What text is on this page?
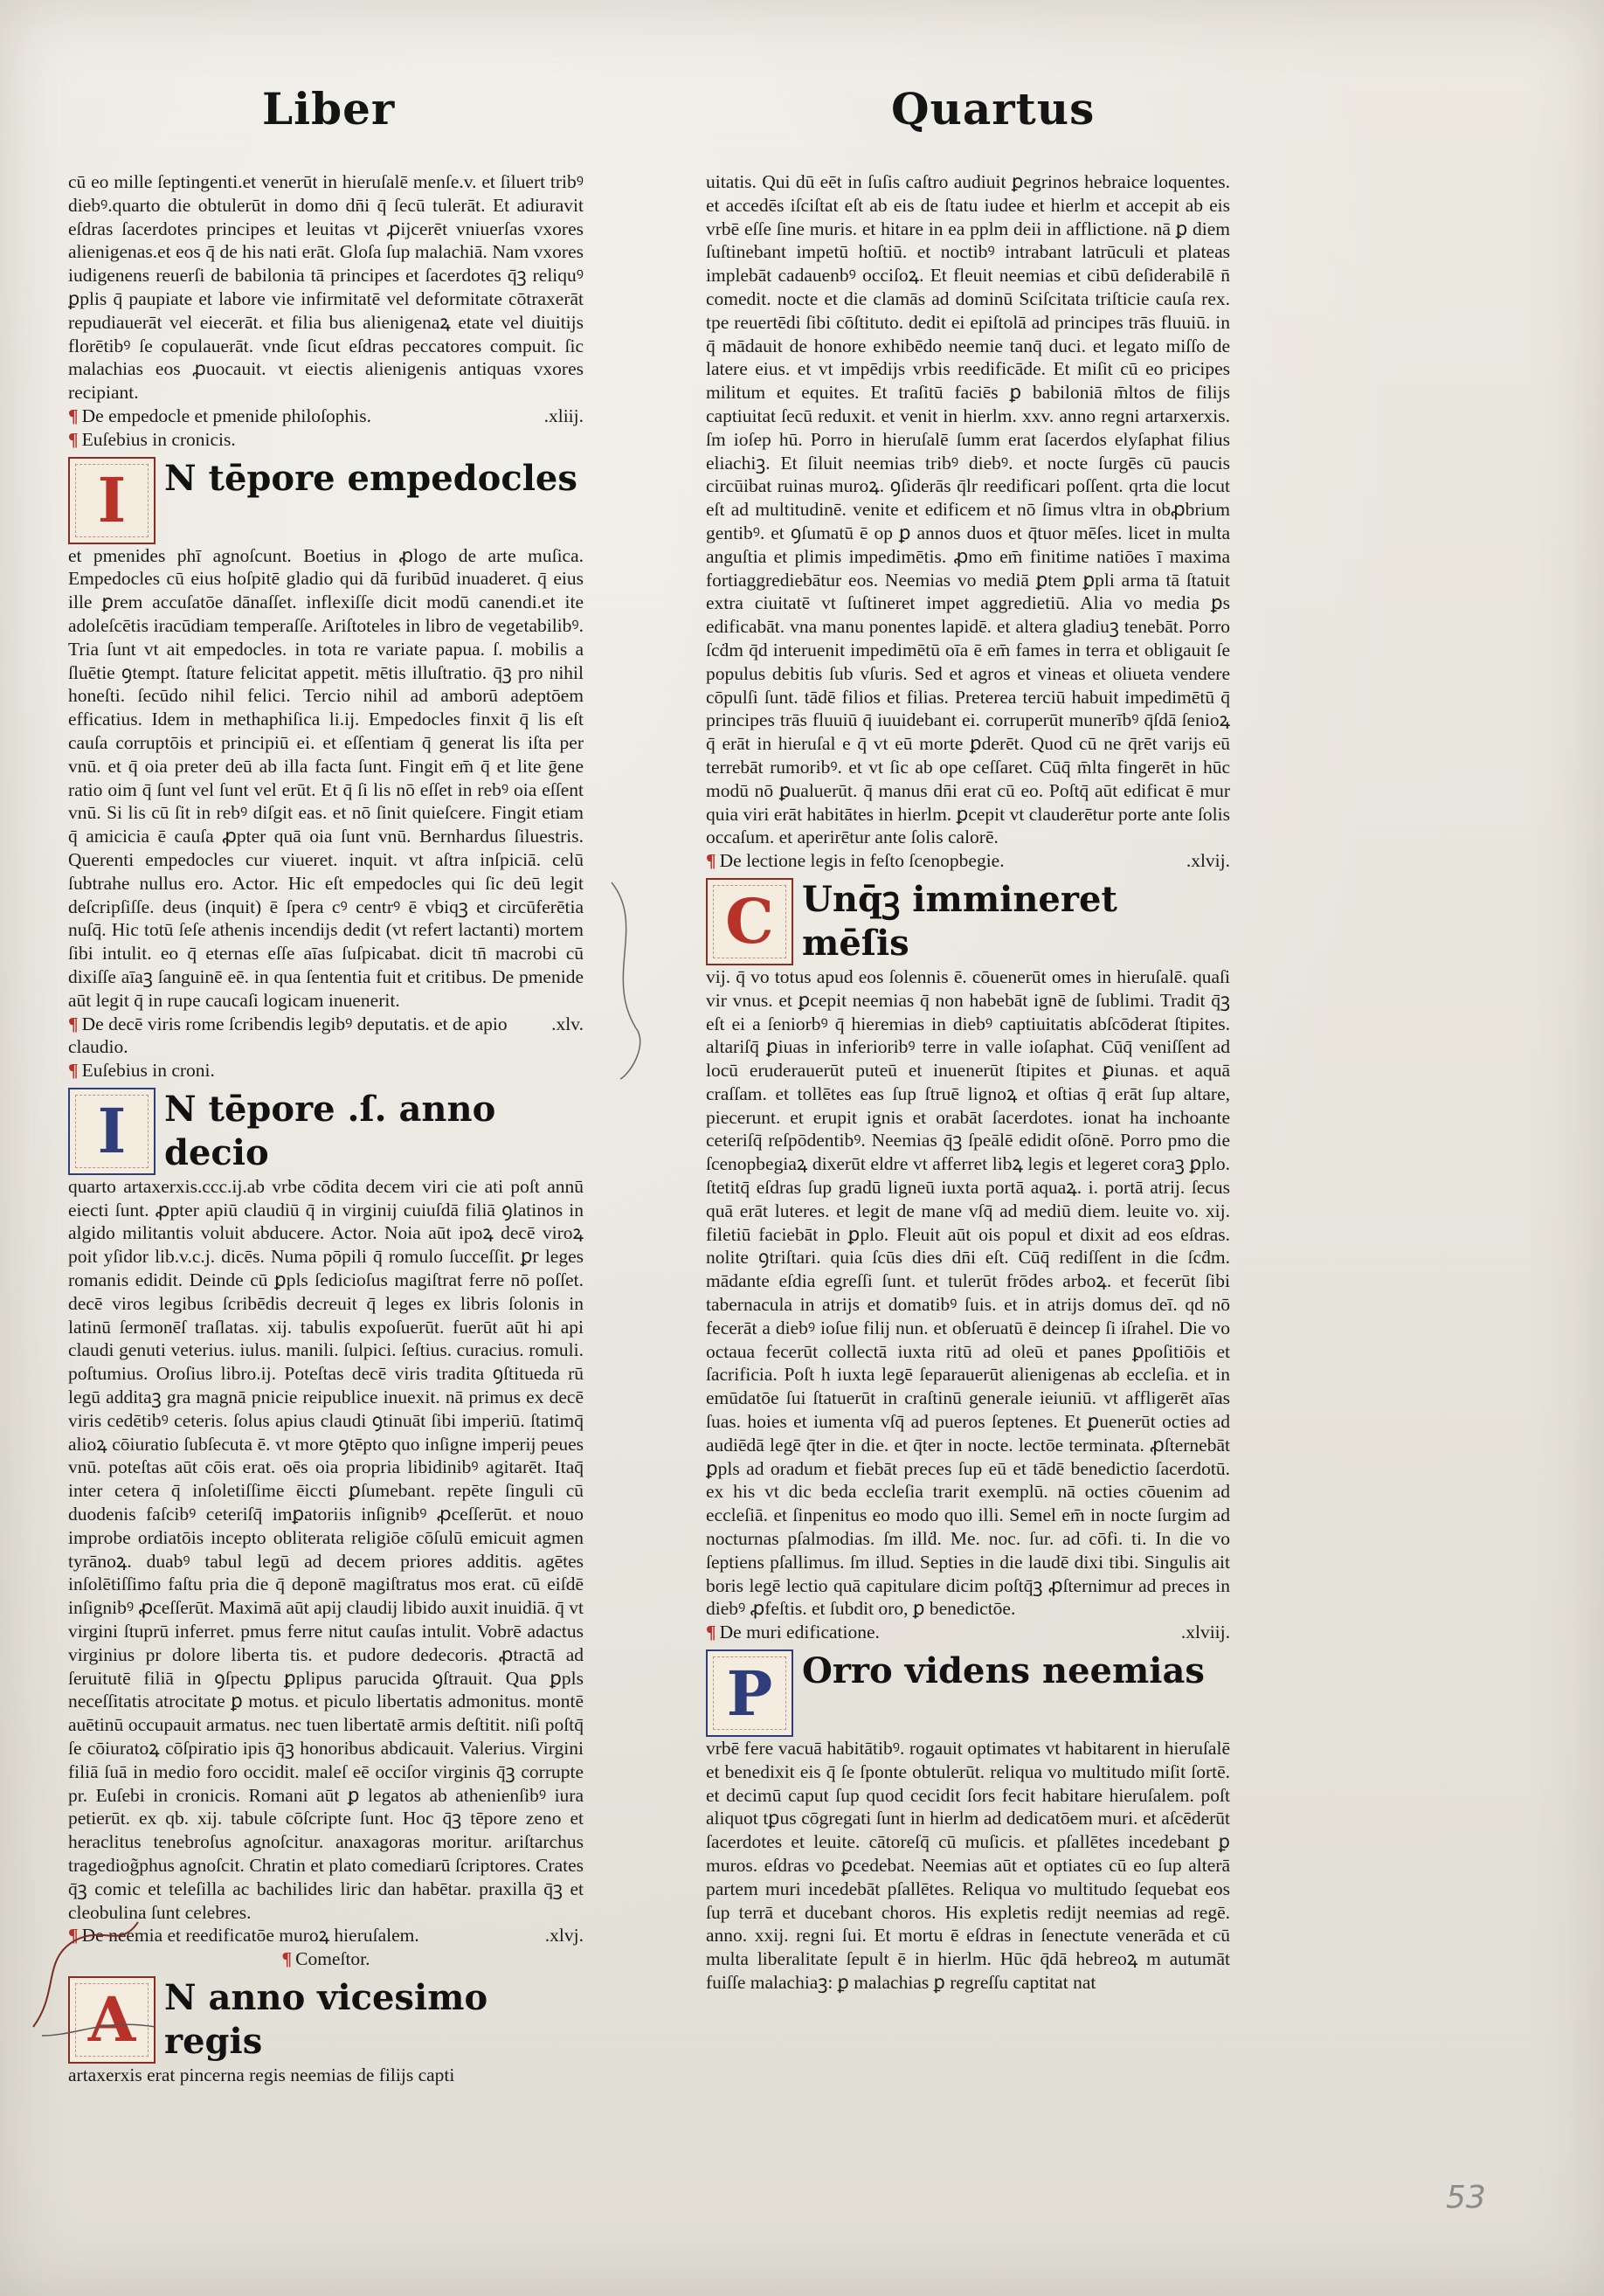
Liber	Quartus

cū eo mille ſeptingenti.et venerūt in hieruſalē menſe.v. et ſiluert tribꝰ diebꝰ.quarto die obtulerūt in domo dn̄i q̄ ſecū tulerāt. Et adiuravit eſdras ſacerdotes principes et leuitas vt ꝓijcerēt vniuerſas vxores alienigenas.et eos q̄ de his nati erāt. Gloſa ſup malachiā. Nam vxores iudigenens reuerſi de babilonia tā principes et ſacerdotes q̄ꝫ reliquꝰ ꝑplis q̄ paupiate et labore vie infirmitatē vel deformitate cōtraxerāt repudiauerāt vel eiecerāt. et filia bus alienigenaꝝ etate vel diuitijs florētibꝰ ſe copulauerāt. vnde ſicut eſdras peccatores compuit. ſic malachias eos ꝓuocauit. vt eiectis alienigenis antiquas vxores recipiant.

¶ De empedocle et pmenide philoſophis.	.xliij.
¶ Euſebius in cronicis.
I	N tēpore empedocles

et pmenides phī agnoſcunt. Boetius in ꝓlogo de arte muſica. Empedocles cū eius hoſpitē gladio qui dā furibūd inuaderet. q̄ eius ille ꝑrem accuſatōe dānaſſet. inflexiſſe dicit modū canendi.et ite adoleſcētis iracūdiam temperaſſe. Ariſtoteles in libro de vegetabilibꝰ. Tria ſunt vt ait empedocles. in tota re variate papua. ſ. mobilis a ſluētie ꝯtempt. ſtature felicitat appetit. mētis illuſtratio. q̄ꝫ pro nihil honeſti. ſecūdo nihil felici. Tercio nihil ad amborū adeptōem efficatius. Idem in methaphiſica li.ij. Empedocles finxit q̄ lis eſt cauſa corruptōis et principiū ei. et eſſentiam q̄ generat lis iſta per vnū. et q̄ oia preter deū ab illa facta ſunt. Fingit em̄ q̄ et lite ḡene ratio oim q̄ ſunt vel ſunt vel erūt. Et q̄ ſi lis nō eſſet in rebꝰ oia eſſent vnū. Si lis cū ſit in rebꝰ diſgit eas. et nō ſinit quieſcere. Fingit etiam q̄ amicicia ē cauſa ꝓpter quā oia ſunt vnū. Bernhardus ſiluestris. Querenti empedocles cur viueret. inquit. vt aſtra inſpiciā. celū ſubtrahe nullus ero. Actor. Hic eſt empedocles qui ſic deū legit deſcripſiſſe. deus (inquit) ē ſpera cꝰ centrꝰ ē vbiqꝫ et circūferētia nuſq̄. Hic totū ſeſe athenis incendijs dedit (vt refert lactanti) mortem ſibi intulit. eo q̄ eternas eſſe aīas ſuſpicabat. dicit tn̄ macrobi cū dixiſſe aīaꝫ ſanguinē eē. in qua ſententia fuit et critibus. De pmenide aūt legit q̄ in rupe caucaſi logicam inuenerit.

¶ De decē viris rome ſcribendis legibꝰ deputatis. et de apio claudio.
.xlv.
¶ Euſebius in croni.
I	N tēpore .ſ. anno decio

quarto artaxerxis.ccc.ij.ab vrbe cōdita decem viri cie ati poſt annū eiecti ſunt. ꝓpter apiū claudiū q̄ in virginij cuiuſdā filiā ꝯlatinos in algido militantis voluit abducere. Actor. Noia aūt ipoꝝ decē viroꝝ poit yſidor lib.v.c.j. dicēs. Numa pōpili q̄ romulo ſucceſſit. ꝑr leges romanis edidit. Deinde cū ꝑpls ſedicioſus magiſtrat ferre nō poſſet. decē viros legibus ſcribēdis decreuit q̄ leges ex libris ſolonis in latinū ſermonēſ traſlatas. xij. tabulis expoſuerūt. fuerūt aūt hi api claudi genuti veterius. iulus. manili. ſulpici. ſeſtius. curacius. romuli. poſtumius. Oroſius libro.ij. Poteſtas decē viris tradita ꝯſtitueda rū legū additaꝫ gra magnā pnicie reipublice inuexit. nā primus ex decē viris cedētibꝰ ceteris. ſolus apius claudi ꝯtinuāt ſibi imperiū. ſtatimq̄ alioꝝ cōiuratio ſubſecuta ē. vt more ꝯtēpto quo inſigne imperij peues vnū. poteſtas aūt cōis erat. oēs oia propria libidinibꝰ agitarēt. Itaq̄ inter cetera q̄ inſoletiſſime ēiccti ꝑſumebant. repēte ſinguli cū duodenis faſcibꝰ ceteriſq̄ imꝑatoriis inſignibꝰ ꝓceſſerūt. et nouo improbe ordiatōis incepto obliterata religiōe cōſulū emicuit agmen tyrānoꝝ. duabꝰ tabul legū ad decem priores additis. agētes inſolētiſſimo faſtu pria die q̄ deponē magiſtratus mos erat. cū eiſdē inſignibꝰ ꝓceſſerūt. Maximā aūt apij claudij libido auxit inuidiā. q̄ vt virgini ſtuprū inferret. pmus ferre nitut cauſas intulit. Vobrē adactus virginius pr dolore liberta tis. et pudore dedecoris. ꝓtractā ad ſeruitutē filiā in ꝯſpectu ꝑplipus parucida ꝯſtrauit. Qua ꝑpls neceſſitatis atrocitate ꝑ motus. et piculo libertatis admonitus. montē auētinū occupauit armatus. nec tuen libertatē armis deſtitit. niſi poſtq̄ ſe cōiuratoꝝ cōſpiratio ipis q̄ꝫ honoribus abdicauit. Valerius. Virgini filiā ſuā in medio foro occidit. maleſ eē occiſor virginis q̄ꝫ corrupte pr. Euſebi in cronicis. Romani aūt ꝑ legatos ab athenienſibꝰ iura petierūt. ex qb. xij. tabule cōſcripte ſunt. Hoc q̄ꝫ tēpore zeno et heraclitus tenebroſus agnoſcitur. anaxagoras moritur. ariſtarchus tragediog̃phus agnoſcit. Chratin et plato comediarū ſcriptores. Crates q̄ꝫ comic et teleſilla ac bachilides liric dan habētar. praxilla q̄ꝫ et cleobulina ſunt celebres.

¶ De neemia et reedificatōe muroꝝ hieruſalem.	.xlvj.
¶ Comeſtor.
A N anno vicesimo regis

artaxerxis erat pincerna regis neemias de filijs capti

uitatis. Qui dū eēt in ſuſis caſtro audiuit ꝑegrinos hebraice loquentes. et accedēs iſciſtat eſt ab eis de ſtatu iudee et hierlm et accepit ab eis vrbē eſſe ſine muris. et hitare in ea pplm deii in afflictione. nā ꝑ diem ſuſtinebant impetū hoſtiū. et noctibꝰ intrabant latrūculi et plateas implebāt cadauenbꝰ occiſoꝝ. Et fleuit neemias et cibū deſiderabilē n̄ comedit. nocte et die clamās ad dominū Sciſcitata triſticie cauſa rex. tpe reuertēdi ſibi cōſtituto. dedit ei epiſtolā ad principes trās fluuiū. in q̄ mādauit de honore exhibēdo neemie tanq̄ duci. et legato miſſo de latere eius. et vt impēdijs vrbis reedificāde. Et miſit cū eo pricipes militum et equites. Et traſitū faciēs ꝑ babiloniā m̄ltos de filijs captiuitat ſecū reduxit. et venit in hierlm. xxv. anno regni artarxerxis. ſm ioſep hū. Porro in hieruſalē ſumm erat ſacerdos elyſaphat filius eliachiꝫ. Et ſiluit neemias tribꝰ diebꝰ. et nocte ſurgēs cū paucis circūibat ruinas muroꝝ. ꝯſiderās q̄lr reedificari poſſent. qrta die locut eſt ad multitudinē. venite et edificem et nō ſimus vltra in obꝓbrium gentibꝰ. et ꝯſumatū ē op ꝑ annos duos et q̄tuor mēſes. licet in multa anguſtia et plimis impedimētis. ꝓmo em̄ finitime natiōes ī maxima fortiaggrediebātur eos. Neemias vo mediā ꝑtem ꝑpli arma tā ſtatuit extra ciuitatē vt ſuſtineret impet aggredietiū. Alia vo media ꝑs edificabāt. vna manu ponentes lapidē. et altera gladiuꝫ tenebāt. Porro ſcḋm q̄d interuenit impedimētū oīa ē em̄ fames in terra et obligauit ſe populus debitis ſub vſuris. Sed et agros et vineas et oliueta vendere cōpulſi ſunt. tādē filios et filias. Preterea terciū habuit impedimētū q̄ principes trās fluuiū q̄ iuuidebant ei. corruperūt munerībꝰ q̄ſdā ſenioꝝ q̄ erāt in hieruſal e q̄ vt eū morte ꝑderēt. Quod cū ne q̄rēt varijs eū terrebāt rumoribꝰ. et vt ſic ab ope ceſſaret. Cūq̄ m̄lta fingerēt in hūc modū nō ꝑualuerūt. q̄ manus dn̄i erat cū eo. Poſtq̄ aūt edificat ē mur quia viri erāt habitātes in hierlm. ꝑcepit vt clauderētur porte ante ſolis occaſum. et aperirētur ante ſolis calorē.

¶ De lectione legis in feſto ſcenopbegie.	.xlvij.
C Unq̄ꝫ immineret mēſis

vij. q̄ vo totus apud eos ſolennis ē. cōuenerūt omes in hieruſalē. quaſi vir vnus. et ꝑcepit neemias q̄ non habebāt ignē de ſublimi. Tradit q̄ꝫ eſt ei a ſeniorbꝰ q̄ hieremias in diebꝰ captiuitatis abſcōderat ſtipites. altariſq̄ ꝑiuas in inferioribꝰ terre in valle ioſaphat. Cūq̄ veniſſent ad locū eruderauerūt puteū et inuenerūt ſtipites et ꝑiunas. et aquā craſſam. et tollētes eas ſup ſtruē lignoꝝ et oſtias q̄ erāt ſup altare, piecerunt. et erupit ignis et orabāt ſacerdotes. ionat ha inchoante ceteriſq̄ reſpōdentibꝰ. Neemias q̄ꝫ ſpeālē edidit oſōnē. Porro pmo die ſcenopbegiaꝝ dixerūt eldre vt afferret libꝝ legis et legeret coraꝫ ꝑplo. ſtetitq̄ eſdras ſup gradū ligneū iuxta portā aquaꝝ. i. portā atrij. ſecus quā erāt luteres. et legit de mane vſq̄ ad mediū diem. leuite vo. xij. filetiū faciebāt in ꝑplo. Fleuit aūt ois popul et dixit ad eos eſdras. nolite ꝯtriſtari. quia ſcūs dies dn̄i eſt. Cūq̄ rediſſent in die ſcḋm. mādante eſdia egreſſi ſunt. et tulerūt frōdes arboꝝ. et fecerūt ſibi tabernacula in atrijs et domatibꝰ ſuis. et in atrijs domus deī. qd nō fecerāt a diebꝰ ioſue filij nun. et obſeruatū ē deincep ſi iſrahel. Die vo octaua fecerūt collectā iuxta ritū ad oleū et panes ꝑpoſitiōis et ſacrificia. Poſt h iuxta legē ſeparauerūt alienigenas ab eccleſia. et in emūdatōe ſui ſtatuerūt in craſtinū generale ieiuniū. vt affligerēt aīas ſuas. hoies et iumenta vſq̄ ad pueros ſeptenes. Et ꝑuenerūt octies ad audiēdā legē q̄ter in die. et q̄ter in nocte. lectōe terminata. ꝓſternebāt ꝑpls ad oradum et fiebāt preces ſup eū et tādē benedictio ſacerdotū. ex his vt dic beda eccleſia trarit exemplū. nā octies cōuenim ad eccleſiā. et ſinpenitus eo modo quo illi. Semel em̄ in nocte ſurgim ad nocturnas pſalmodias. ſm illḋ. Me. noc. ſur. ad cōfi. ti. In die vo ſeptiens pſallimus. ſm illud. Septies in die laudē dixi tibi. Singulis ait boris legē lectio quā capitulare dicim poſtq̄ꝫ ꝓſternimur ad preces in diebꝰ ꝓfeſtis. et ſubdit oro, ꝑ benedictōe.

¶ De muri edificatione.	.xlviij.
P Orro videns neemias

vrbē fere vacuā habitātibꝰ. rogauit optimates vt habitarent in hieruſalē et benedixit eis q̄ ſe ſponte obtulerūt. reliqua vo multitudo miſit ſortē. et decimū caput ſup quod cecidit ſors fecit habitare hieruſalem. poſt aliquot tꝑus cōgregati ſunt in hierlm ad dedicatōem muri. et aſcēderūt ſacerdotes et leuite. cātoreſq̄ cū muſicis. et pſallētes incedebant ꝑ muros. eſdras vo ꝑcedebat. Neemias aūt et optiates cū eo ſup alterā partem muri incedebāt pſallētes. Reliqua vo multitudo ſequebat eos ſup terrā et ducebant choros. His expletis redijt neemias ad regē. anno. xxij. regni ſui. Et mortu ē eſdras in ſenectute venerāda et cū multa liberalitate ſepult ē in hierlm. Hūc q̄dā hebreoꝝ m autumāt fuiſſe malachiaꝫ: ꝑ malachias ꝑ regreſſu captitat nat

53
